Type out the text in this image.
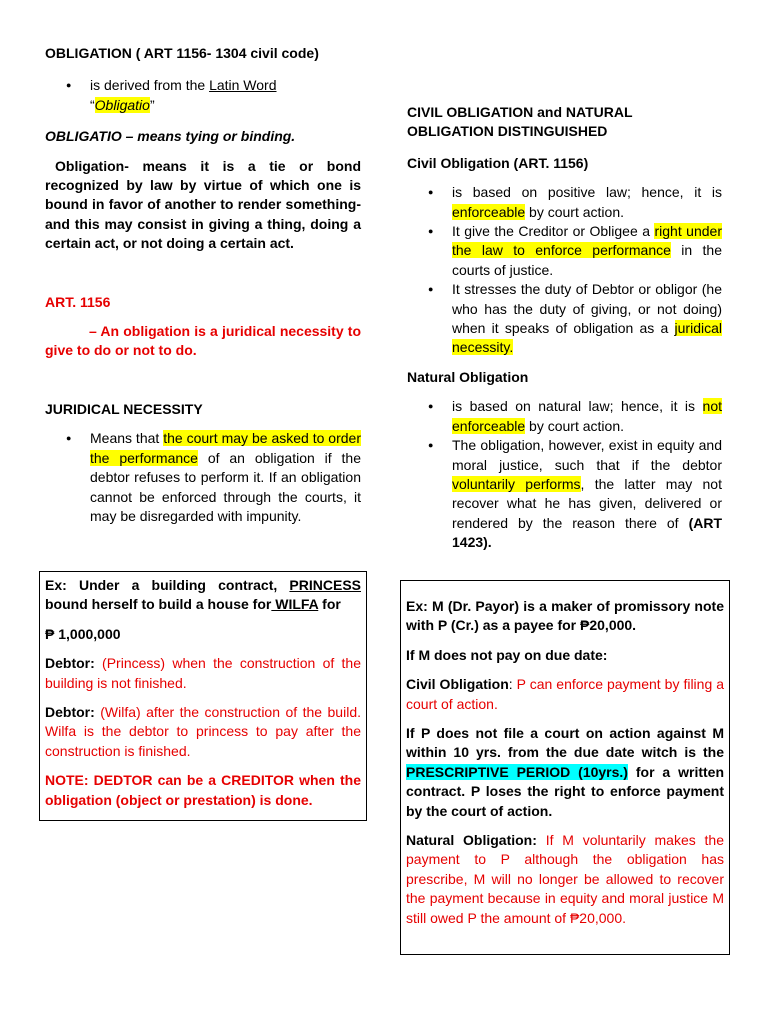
OBLIGATION ( ART 1156- 1304 civil code)

● is derived from the Latin Word
“Obligatio”

OBLIGATIO – means tying or binding.

Obligation- means it is a tie or bond recognized by law by virtue of which one is bound in favor of another to render something- and this may consist in giving a thing, doing a certain act, or not doing a certain act.

ART. 1156

– An obligation is a juridical necessity to give to do or not to do.

JURIDICAL NECESSITY

● Means that the court may be asked to order the performance of an obligation if the debtor refuses to perform it. If an obligation cannot be enforced through the courts, it may be disregarded with impunity.

Ex: Under a building contract, PRINCESS bound herself to build a house for WILFA for

₱ 1,000,000

Debtor: (Princess) when the construction of the building is not finished.

Debtor: (Wilfa) after the construction of the build. Wilfa is the debtor to princess to pay after the construction is finished.

NOTE: DEDTOR can be a CREDITOR when the obligation (object or prestation) is done.

CIVIL OBLIGATION and NATURAL OBLIGATION DISTINGUISHED

Civil Obligation (ART. 1156)

● is based on positive law; hence, it is enforceable by court action.
● It give the Creditor or Obligee a right under the law to enforce performance in the courts of justice.
● It stresses the duty of Debtor or obligor (he who has the duty of giving, or not doing) when it speaks of obligation as a juridical necessity.

Natural Obligation

● is based on natural law; hence, it is not enforceable by court action.
● The obligation, however, exist in equity and moral justice, such that if the debtor voluntarily performs, the latter may not recover what he has given, delivered or rendered by the reason there of (ART 1423).

Ex: M (Dr. Payor) is a maker of promissory note with P (Cr.) as a payee for ₱20,000.

If M does not pay on due date:

Civil Obligation: P can enforce payment by filing a court of action.

If P does not file a court on action against M within 10 yrs. from the due date witch is the PRESCRIPTIVE PERIOD (10yrs.) for a written contract. P loses the right to enforce payment by the court of action.

Natural Obligation: If M voluntarily makes the payment to P although the obligation has prescribe, M will no longer be allowed to recover the payment because in equity and moral justice M still owed P the amount of ₱20,000.
